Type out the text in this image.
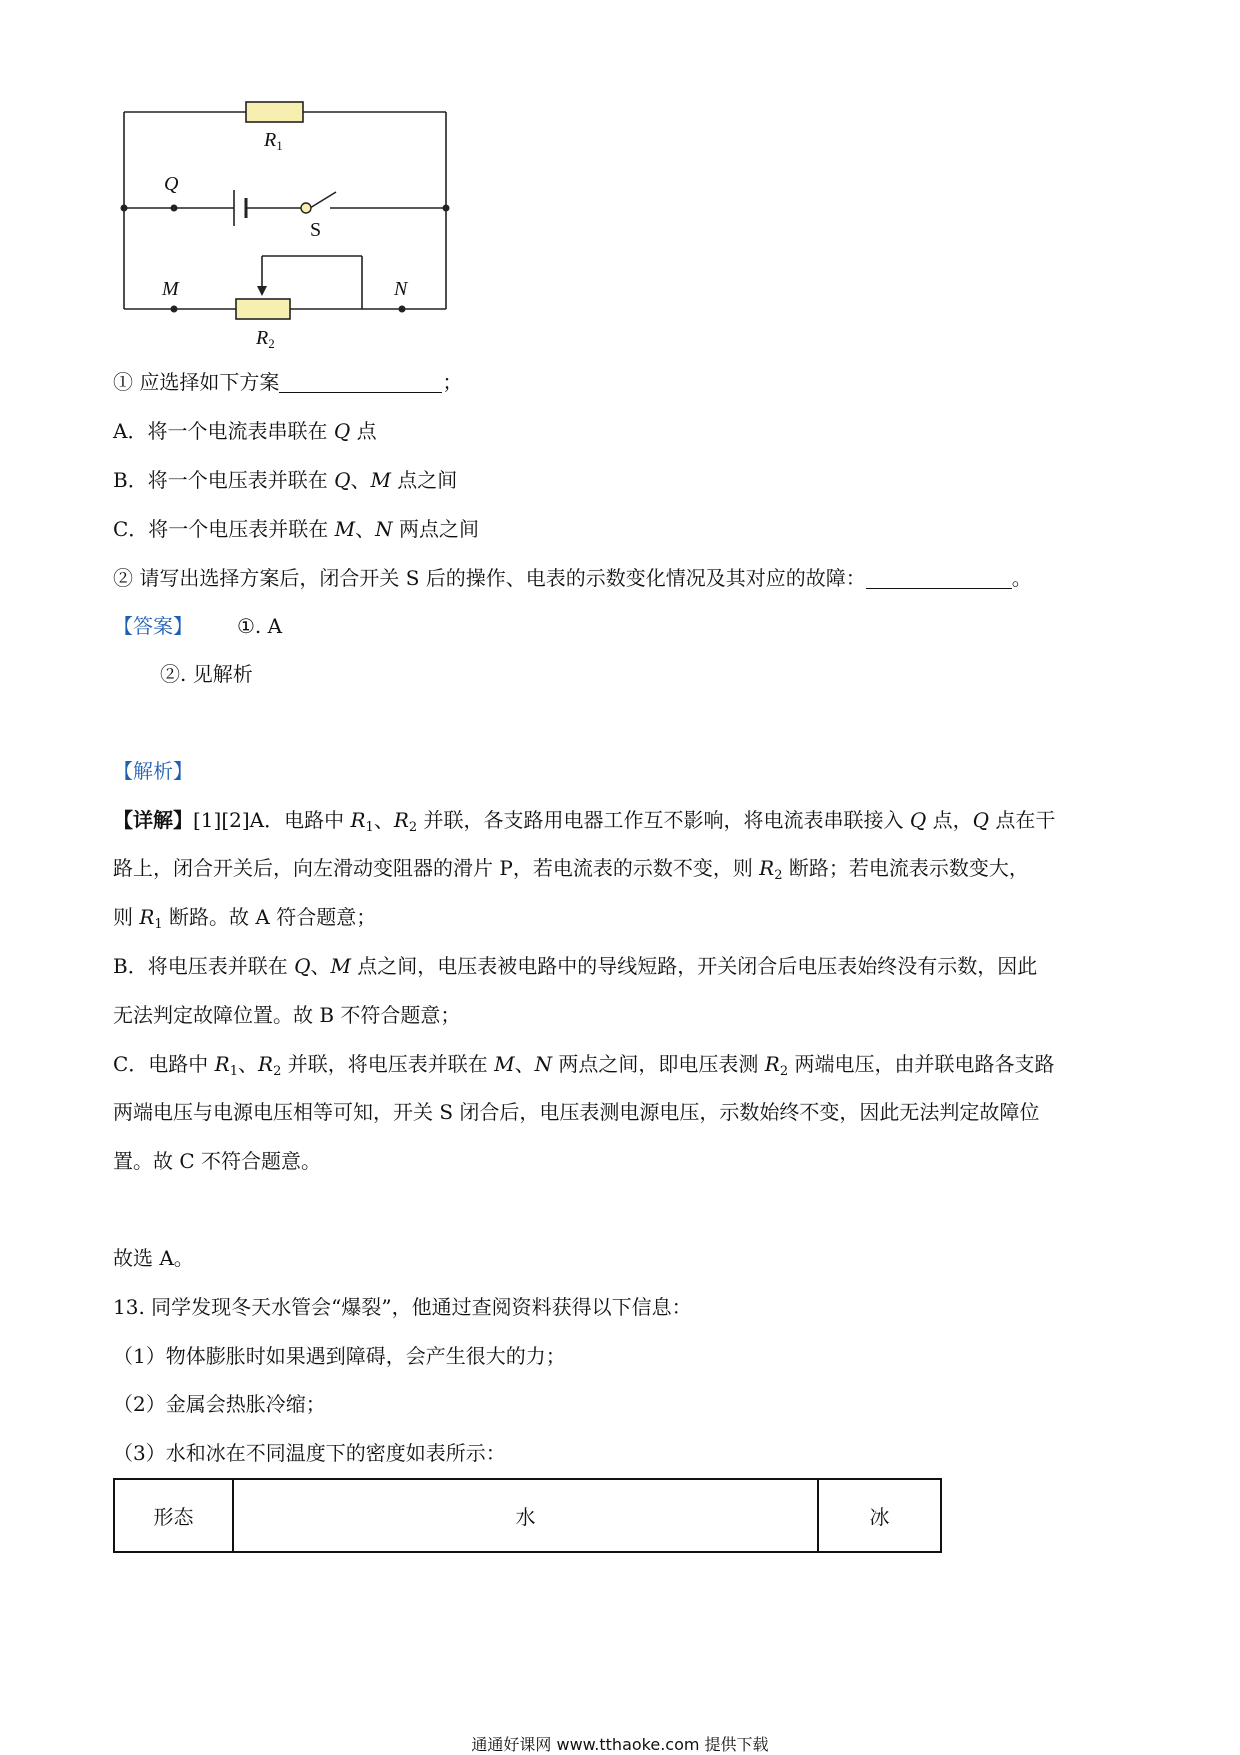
$R_1$
Q
M	N
$R_2$
S
① 应选择如下方案	；
A．将一个电流表串联在 Q 点
B．将一个电压表并联在 Q、M 点之间
C．将一个电压表并联在 M、N 两点之间
② 请写出选择方案后，闭合开关 S 后的操作、电表的示数变化情况及其对应的故障：	。
【答案】 ①. A
②. 见解析
【解析】
【详解】[1][2]A．电路中 $R_1$、$R_2$ 并联，各支路用电器工作互不影响，将电流表串联接入 Q 点，Q 点在干
路上，闭合开关后，向左滑动变阻器的滑片 P，若电流表的示数不变，则 $R_2$ 断路；若电流表示数变大，
则 $R_1$ 断路。故 A 符合题意；
B．将电压表并联在 Q、M 点之间，电压表被电路中的导线短路，开关闭合后电压表始终没有示数，因此
无法判定故障位置。故 B 不符合题意；
C．电路中 $R_1$、$R_2$ 并联，将电压表并联在 M、N 两点之间，即电压表测 $R_2$ 两端电压，由并联电路各支路
两端电压与电源电压相等可知，开关 S 闭合后，电压表测电源电压，示数始终不变，因此无法判定故障位
置。故 C 不符合题意。
故选 A。
13. 同学发现冬天水管会“爆裂”，他通过查阅资料获得以下信息：
（1）物体膨胀时如果遇到障碍，会产生很大的力；
（2）金属会热胀冷缩；
（3）水和冰在不同温度下的密度如表所示：
形态	水	冰
通通好课网 www.tthaoke.com 提供下载
